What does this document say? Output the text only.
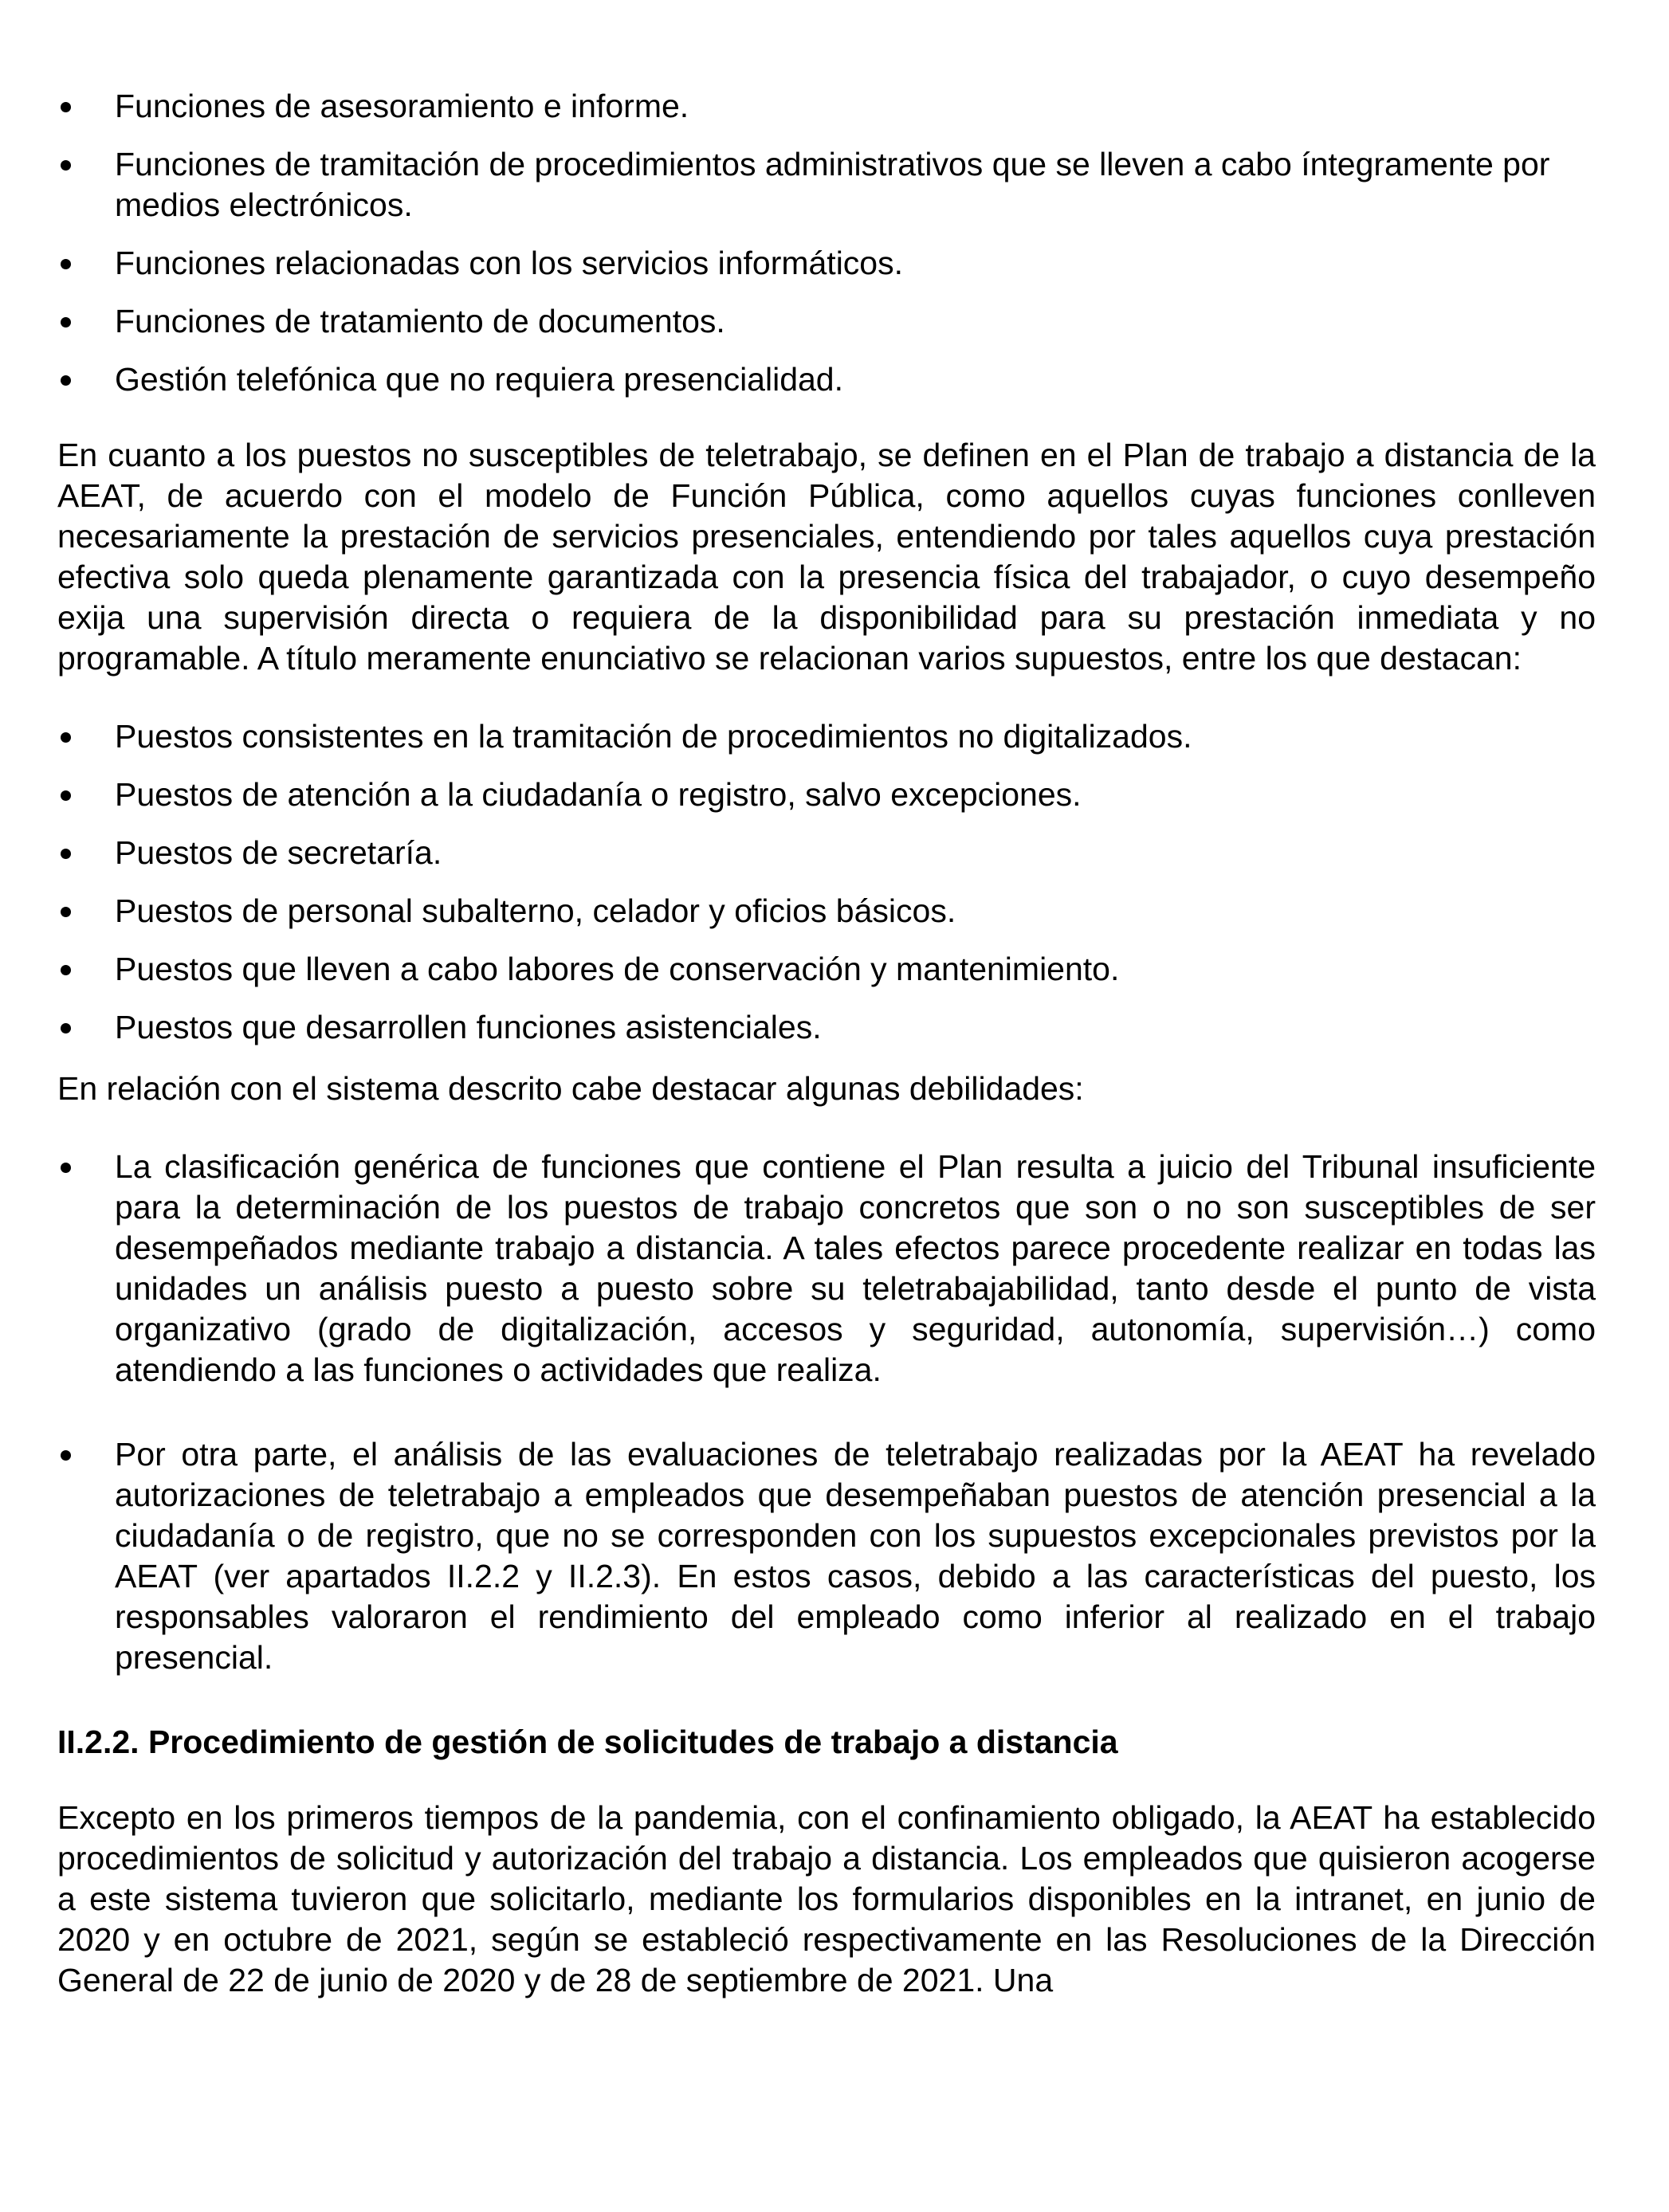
Funciones de asesoramiento e informe.
Funciones de tramitación de procedimientos administrativos que se lleven a cabo íntegramente por medios electrónicos.
Funciones relacionadas con los servicios informáticos.
Funciones de tratamiento de documentos.
Gestión telefónica que no requiera presencialidad.

En cuanto a los puestos no susceptibles de teletrabajo, se definen en el Plan de trabajo a distancia de la AEAT, de acuerdo con el modelo de Función Pública, como aquellos cuyas funciones conlleven necesariamente la prestación de servicios presenciales, entendiendo por tales aquellos cuya prestación efectiva solo queda plenamente garantizada con la presencia física del trabajador, o cuyo desempeño exija una supervisión directa o requiera de la disponibilidad para su prestación inmediata y no programable. A título meramente enunciativo se relacionan varios supuestos, entre los que destacan:

Puestos consistentes en la tramitación de procedimientos no digitalizados.
Puestos de atención a la ciudadanía o registro, salvo excepciones.
Puestos de secretaría.
Puestos de personal subalterno, celador y oficios básicos.
Puestos que lleven a cabo labores de conservación y mantenimiento.
Puestos que desarrollen funciones asistenciales.

En relación con el sistema descrito cabe destacar algunas debilidades:

La clasificación genérica de funciones que contiene el Plan resulta a juicio del Tribunal insuficiente para la determinación de los puestos de trabajo concretos que son o no son susceptibles de ser desempeñados mediante trabajo a distancia. A tales efectos parece procedente realizar en todas las unidades un análisis puesto a puesto sobre su teletrabajabilidad, tanto desde el punto de vista organizativo (grado de digitalización, accesos y seguridad, autonomía, supervisión…) como atendiendo a las funciones o actividades que realiza.
Por otra parte, el análisis de las evaluaciones de teletrabajo realizadas por la AEAT ha revelado autorizaciones de teletrabajo a empleados que desempeñaban puestos de atención presencial a la ciudadanía o de registro, que no se corresponden con los supuestos excepcionales previstos por la AEAT (ver apartados II.2.2 y II.2.3). En estos casos, debido a las características del puesto, los responsables valoraron el rendimiento del empleado como inferior al realizado en el trabajo presencial.
II.2.2. Procedimiento de gestión de solicitudes de trabajo a distancia

Excepto en los primeros tiempos de la pandemia, con el confinamiento obligado, la AEAT ha establecido procedimientos de solicitud y autorización del trabajo a distancia. Los empleados que quisieron acogerse a este sistema tuvieron que solicitarlo, mediante los formularios disponibles en la intranet, en junio de 2020 y en octubre de 2021, según se estableció respectivamente en las Resoluciones de la Dirección General de 22 de junio de 2020 y de 28 de septiembre de 2021. Una
